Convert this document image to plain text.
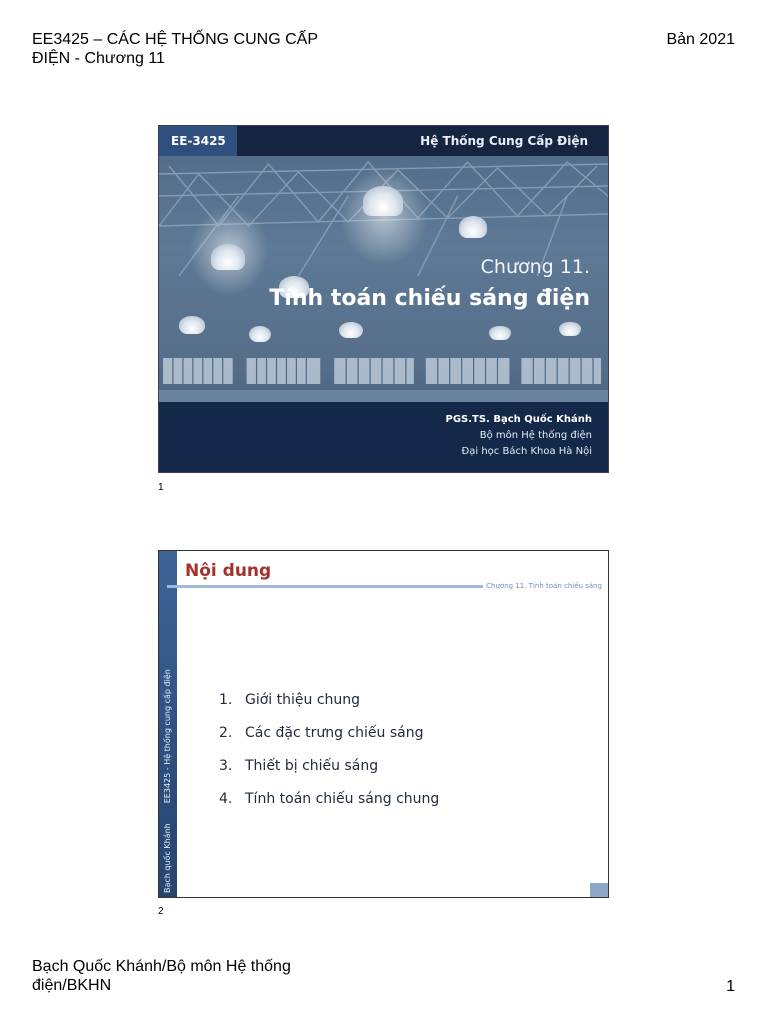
EE3425 – CÁC HỆ THỐNG CUNG CẤP ĐIỆN - Chương 11
Bản 2021
EE-3425	Hệ Thống Cung Cấp Điện
Chương 11.
Tính toán chiếu sáng điện
PGS.TS. Bạch Quốc Khánh
Bộ môn Hệ thống điện
Đại học Bách Khoa Hà Nội
1
Bạch quốc KhánhEE3425 - Hệ thống cung cấp điện
Nội dung
Chương 11. Tính toán chiếu sáng
1. Giới thiệu chung
2. Các đặc trưng chiếu sáng
3. Thiết bị chiếu sáng
4. Tính toán chiếu sáng chung
2
Bạch Quốc Khánh/Bộ môn Hệ thống điện/BKHN	1
